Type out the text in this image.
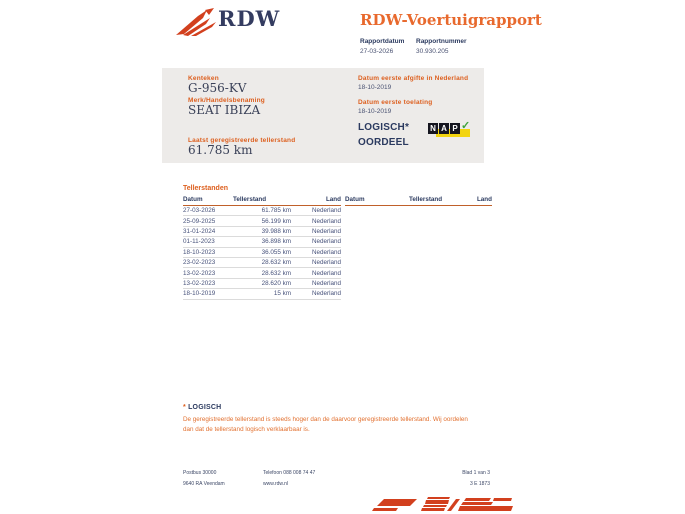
RDW	RDW-Voertuigrapport
Rapportdatum
27-03-2026
Rapportnummer
30.930.205
Kenteken
G-956-KV
Merk/Handelsbenaming
SEAT IBIZA
Laatst geregistreerde tellerstand
61.785 km
Datum eerste afgifte in Nederland
18-10-2019
Datum eerste toelating
18-10-2019
LOGISCH*
OORDEEL
N A P ✓
Tellerstanden
Datum	Tellerstand	Land
27-03-2026	61.785 km	Nederland
25-09-2025	56.199 km	Nederland
31-01-2024	39.988 km	Nederland
01-11-2023	36.898 km	Nederland
18-10-2023	36.055 km	Nederland
23-02-2023	28.632 km	Nederland
13-02-2023	28.632 km	Nederland
13-02-2023	28.620 km	Nederland
18-10-2019	15 km	Nederland
Datum	Tellerstand	Land
* LOGISCH

De geregistreerde tellerstand is steeds hoger dan de daarvoor geregistreerde tellerstand. Wij oordelen dan dat de tellerstand logisch verklaarbaar is.

Postbus 30000
9640 RA Veendam
Telefoon 088 008 74 47
www.rdw.nl
Blad 1 van 3
3 E 1873
